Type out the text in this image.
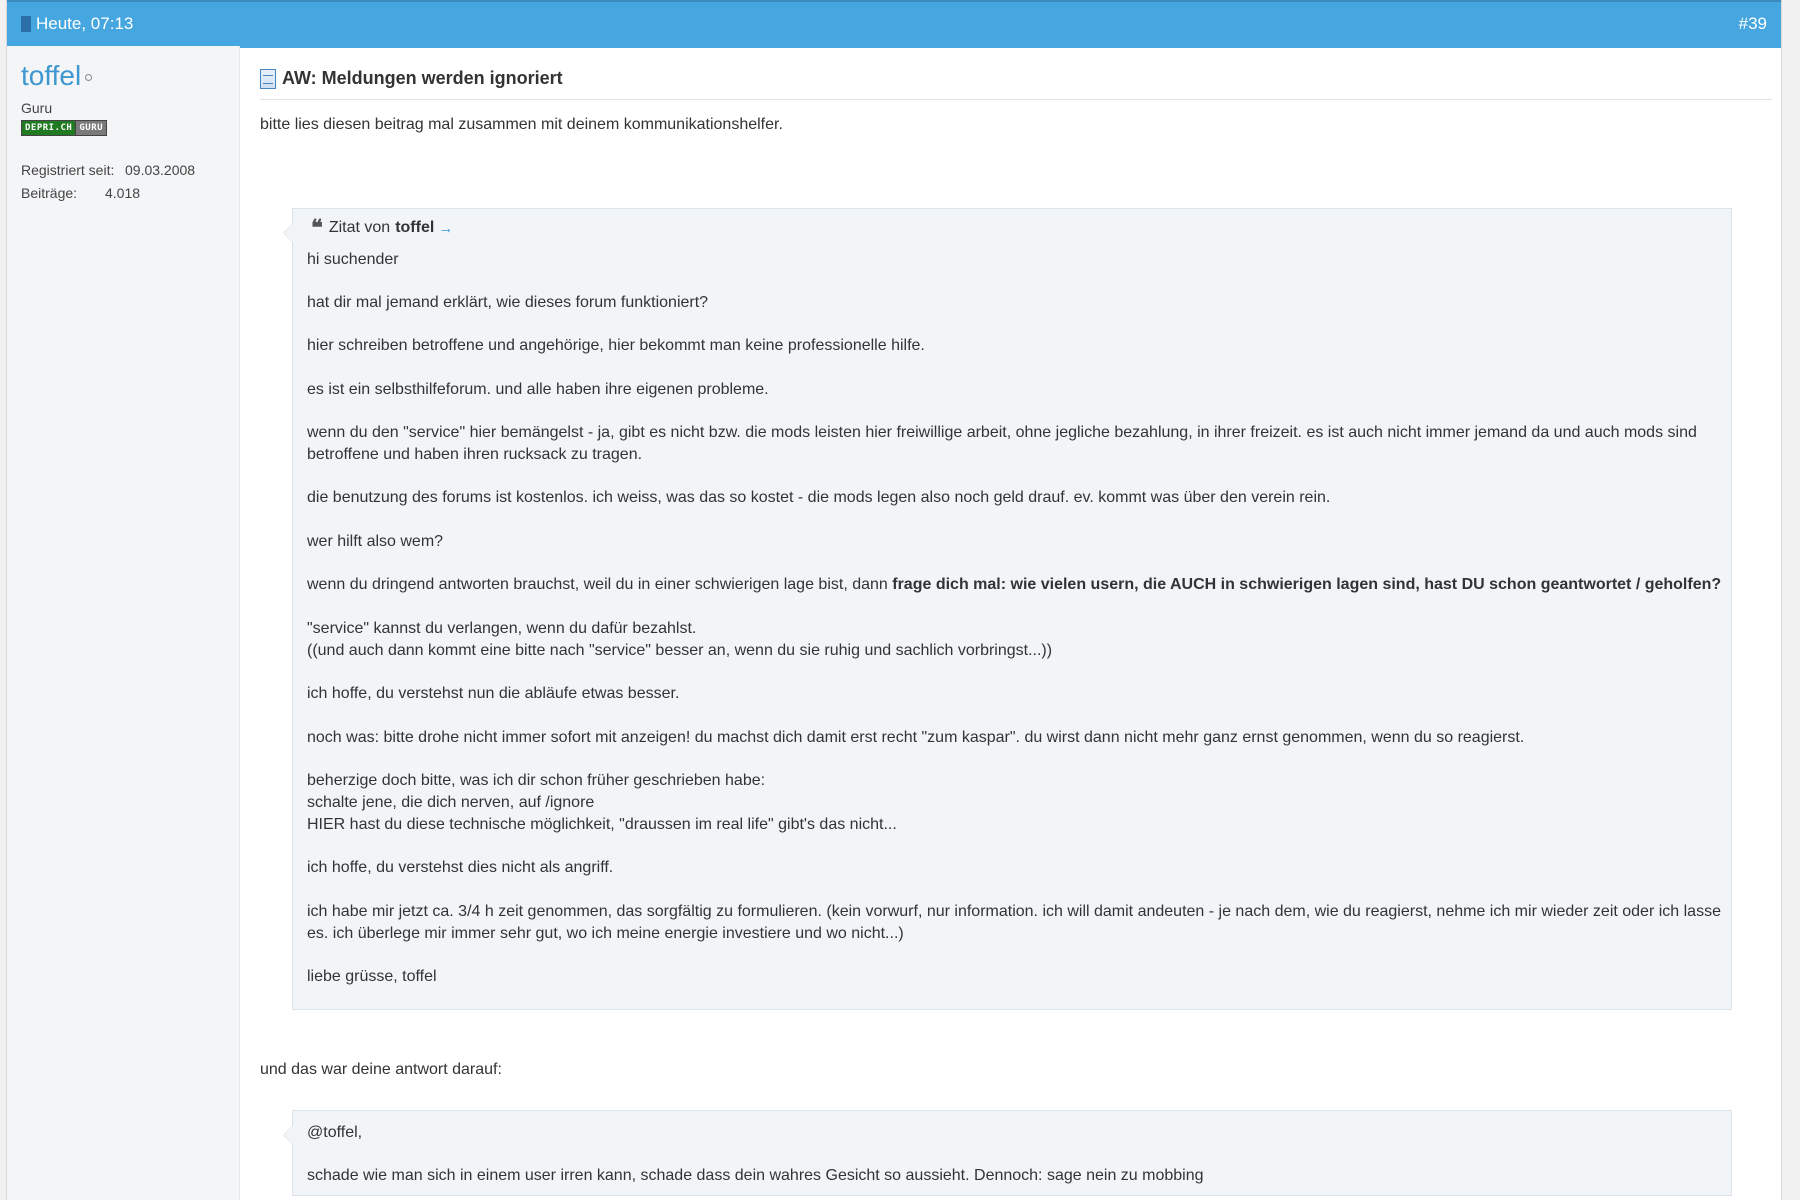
Heute, 07:13	#39
toffel
Guru
DEPRI.CH GURU
Registriert seit: 09.03.2008
Beiträge: 4.018
AW: Meldungen werden ignoriert
bitte lies diesen beitrag mal zusammen mit deinem kommunikationshelfer.
❝ Zitat von toffel →
hi suchender
hat dir mal jemand erklärt, wie dieses forum funktioniert?
hier schreiben betroffene und angehörige, hier bekommt man keine professionelle hilfe.
es ist ein selbsthilfeforum. und alle haben ihre eigenen probleme.
wenn du den "service" hier bemängelst - ja, gibt es nicht bzw. die mods leisten hier freiwillige arbeit, ohne jegliche bezahlung, in ihrer freizeit. es ist auch nicht immer jemand da und auch mods sind
betroffene und haben ihren rucksack zu tragen.
die benutzung des forums ist kostenlos. ich weiss, was das so kostet - die mods legen also noch geld drauf. ev. kommt was über den verein rein.
wer hilft also wem?
wenn du dringend antworten brauchst, weil du in einer schwierigen lage bist, dann frage dich mal: wie vielen usern, die AUCH in schwierigen lagen sind, hast DU schon geantwortet / geholfen?
"service" kannst du verlangen, wenn du dafür bezahlst.
((und auch dann kommt eine bitte nach "service" besser an, wenn du sie ruhig und sachlich vorbringst...))
ich hoffe, du verstehst nun die abläufe etwas besser.
noch was: bitte drohe nicht immer sofort mit anzeigen! du machst dich damit erst recht "zum kaspar". du wirst dann nicht mehr ganz ernst genommen, wenn du so reagierst.
beherzige doch bitte, was ich dir schon früher geschrieben habe:
schalte jene, die dich nerven, auf /ignore
HIER hast du diese technische möglichkeit, "draussen im real life" gibt's das nicht...
ich hoffe, du verstehst dies nicht als angriff.
ich habe mir jetzt ca. 3/4 h zeit genommen, das sorgfältig zu formulieren. (kein vorwurf, nur information. ich will damit andeuten - je nach dem, wie du reagierst, nehme ich mir wieder zeit oder ich lasse
es. ich überlege mir immer sehr gut, wo ich meine energie investiere und wo nicht...)
liebe grüsse, toffel
und das war deine antwort darauf:
@toffel,
schade wie man sich in einem user irren kann, schade dass dein wahres Gesicht so aussieht. Dennoch: sage nein zu mobbing
